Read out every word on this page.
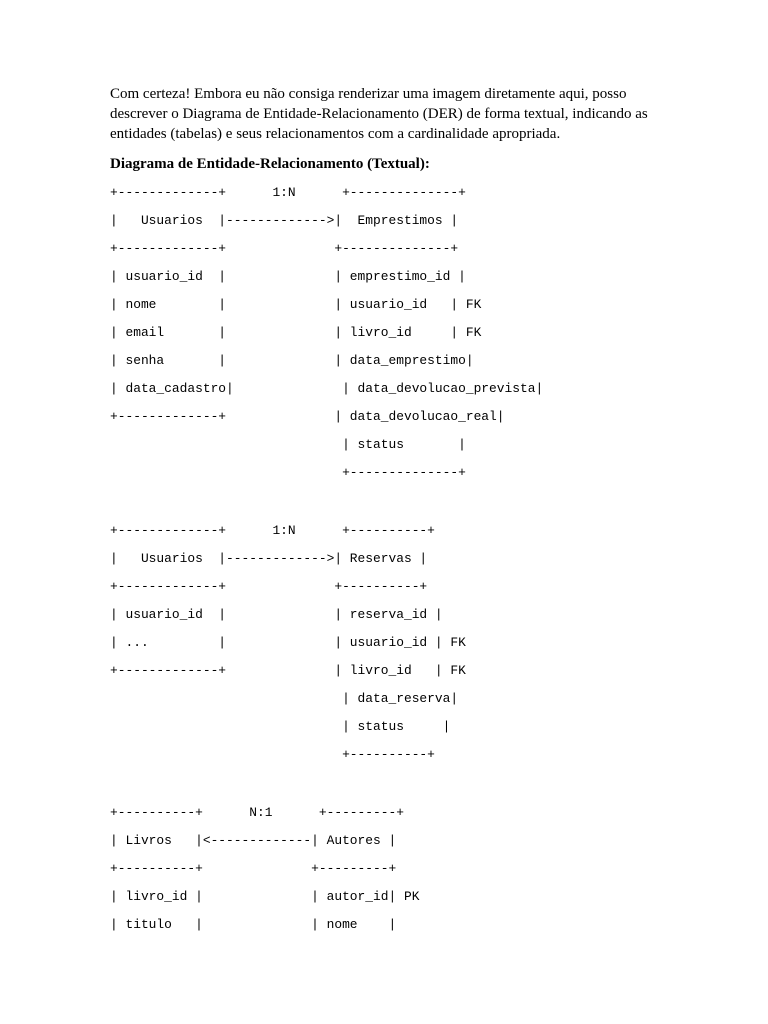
Com certeza! Embora eu não consiga renderizar uma imagem diretamente aqui, posso descrever o Diagrama de Entidade-Relacionamento (DER) de forma textual, indicando as entidades (tabelas) e seus relacionamentos com a cardinalidade apropriada.

Diagrama de Entidade-Relacionamento (Textual):

+-------------+      1:N      +--------------+
|   Usuarios  |------------->|  Emprestimos |
+-------------+              +--------------+
| usuario_id  |              | emprestimo_id |
| nome        |              | usuario_id   | FK
| email       |              | livro_id     | FK
| senha       |              | data_emprestimo|
| data_cadastro|              | data_devolucao_prevista|
+-------------+              | data_devolucao_real|
| status       |
+--------------+
+-------------+      1:N      +----------+
|   Usuarios  |------------->| Reservas |
+-------------+              +----------+
| usuario_id  |              | reserva_id |
| ...         |              | usuario_id | FK
+-------------+              | livro_id   | FK
| data_reserva|
| status     |
+----------+
+----------+      N:1      +---------+
| Livros   |<-------------| Autores |
+----------+              +---------+
| livro_id |              | autor_id| PK
| titulo   |              | nome    |
